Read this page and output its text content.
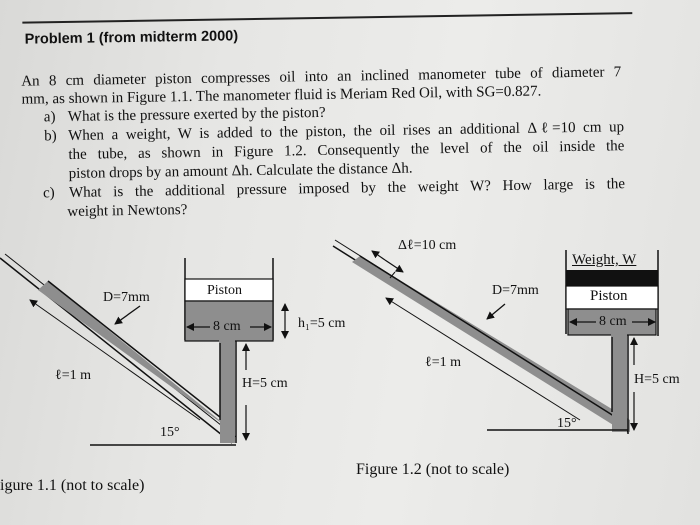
Problem 1 (from midterm 2000)
An 8 cm diameter piston compresses oil into an inclined manometer tube of diameter 7
mm, as shown in Figure 1.1. The manometer fluid is Meriam Red Oil, with SG=0.827.
a) What is the pressure exerted by the piston?
b) When a weight, W is added to the piston, the oil rises an additional Δℓ=10 cm up
the tube, as shown in Figure 1.2. Consequently the level of the oil inside the
piston drops by an amount Δh. Calculate the distance Δh.
c) What is the additional pressure imposed by the weight W? How large is the
weight in Newtons?
D=7mm	Piston
8 cm	h₁=5 cm
H=5 cm
ℓ=1 m
15°
igure 1.1 (not to scale)
Δℓ=10 cm
D=7mm
Weight, W
Piston
8 cm
H=5 cm
ℓ=1 m
15°
Figure 1.2 (not to scale)
